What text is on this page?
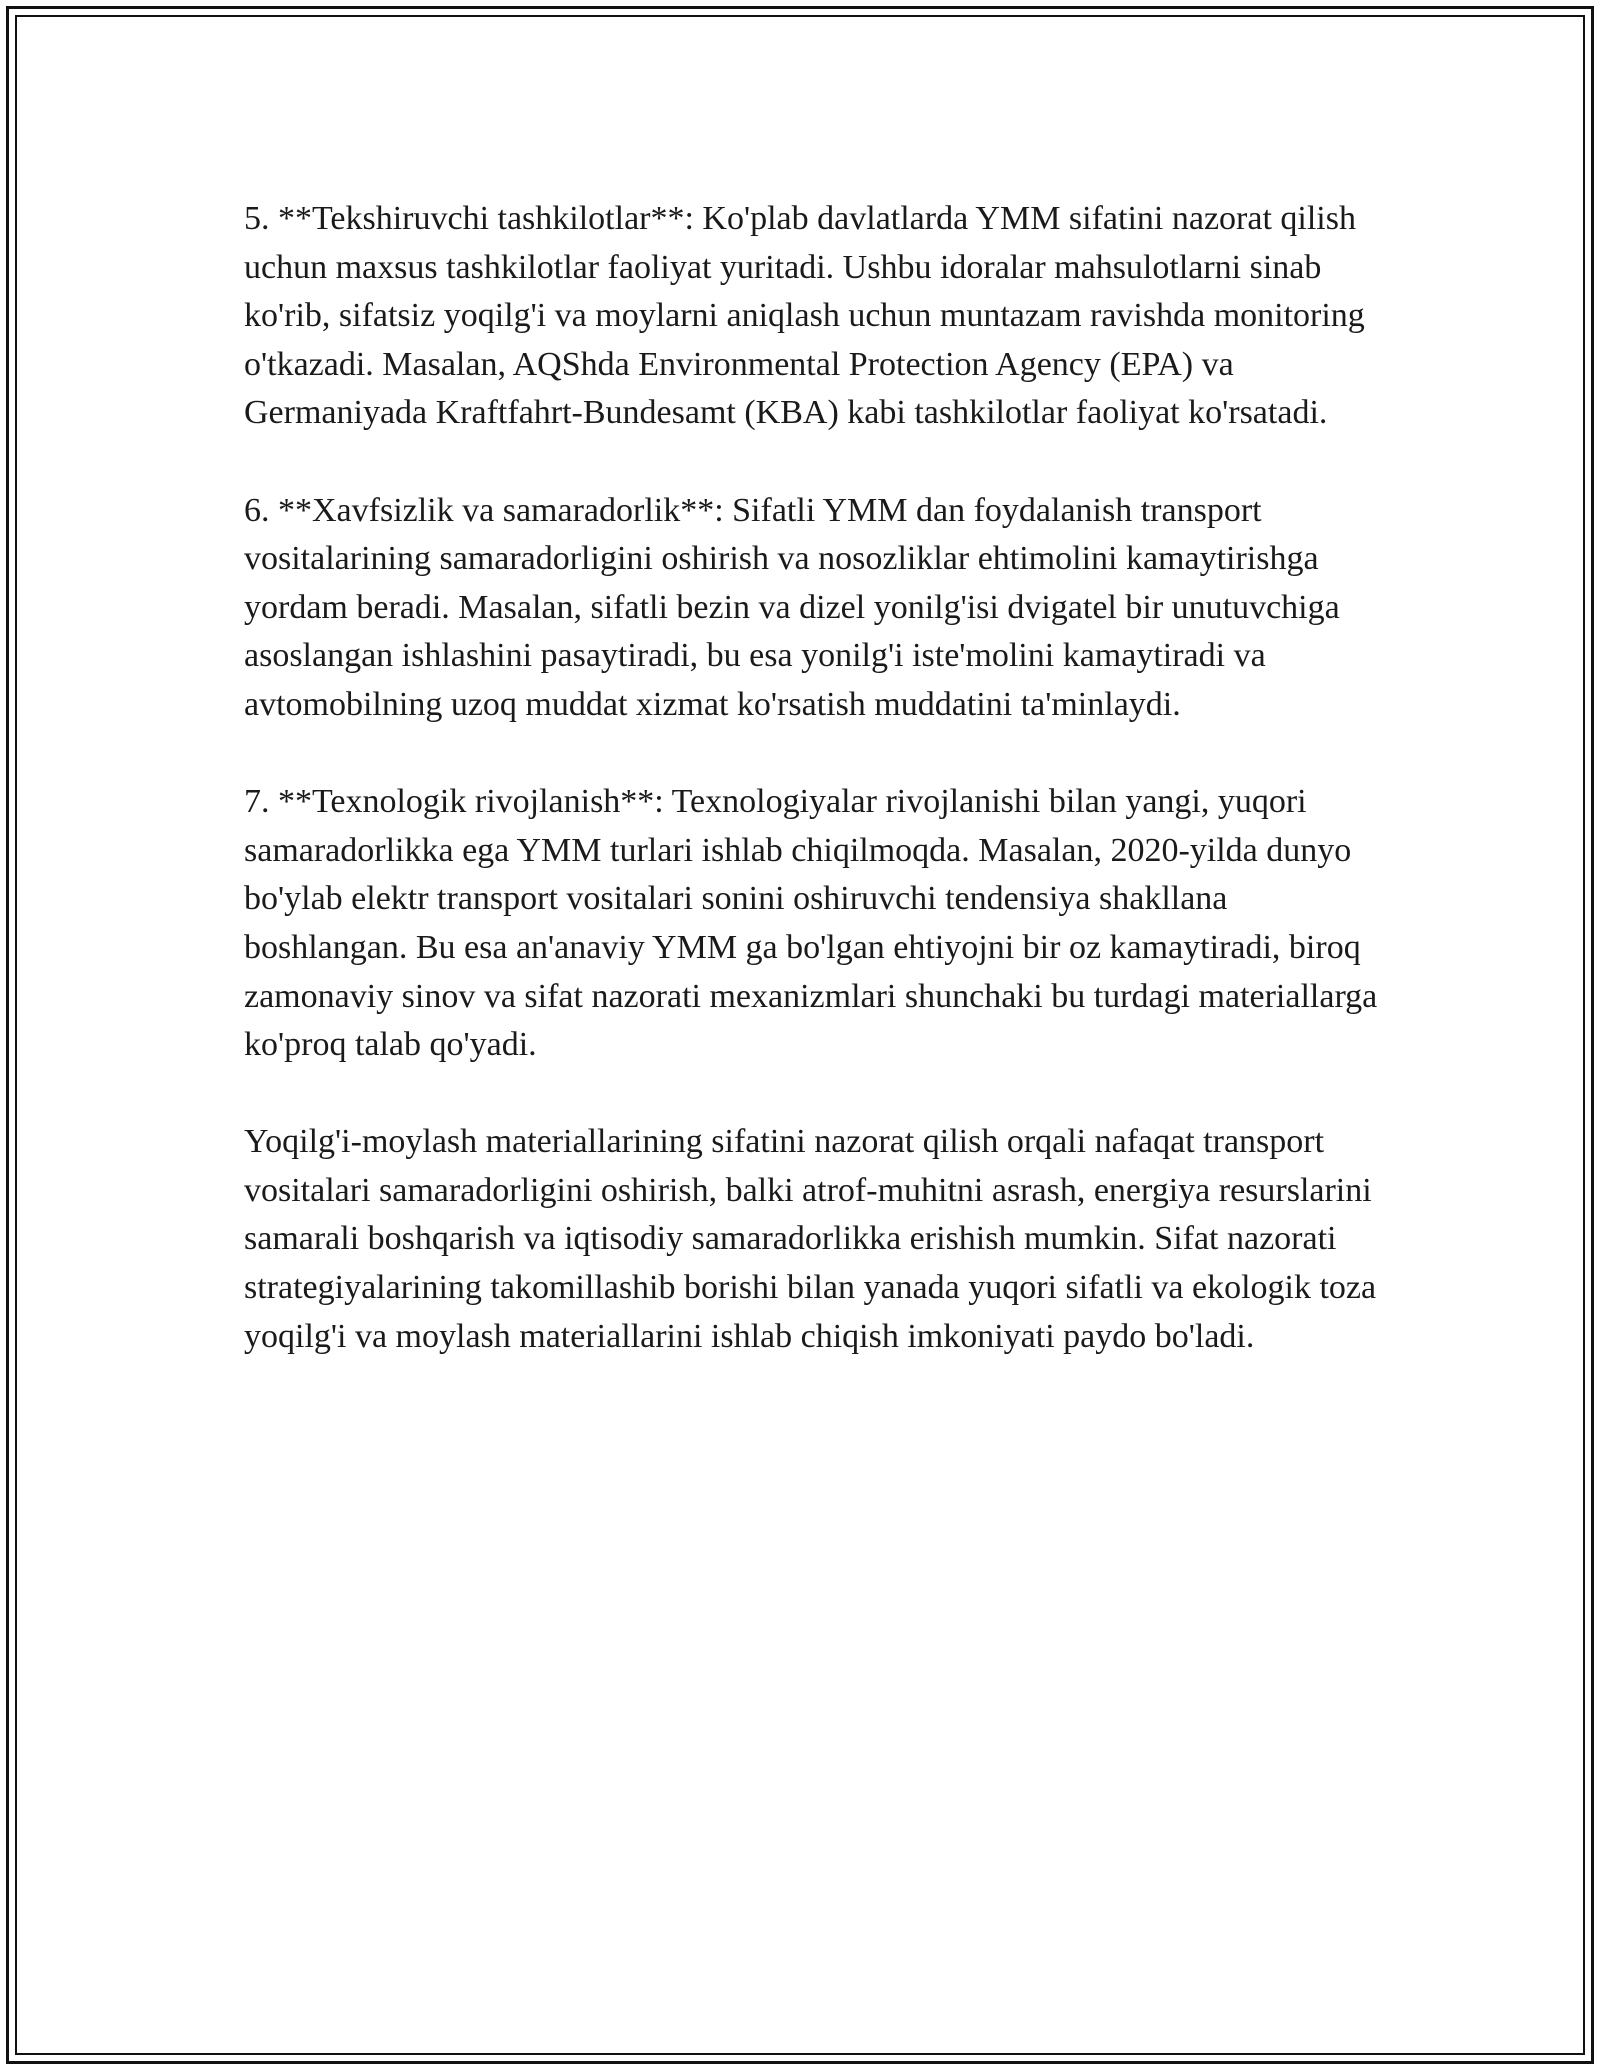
5. **Tekshiruvchi tashkilotlar**: Ko'plab davlatlarda YMM sifatini nazorat qilish uchun maxsus tashkilotlar faoliyat yuritadi. Ushbu idoralar mahsulotlarni sinab ko'rib, sifatsiz yoqilg'i va moylarni aniqlash uchun muntazam ravishda monitoring o'tkazadi. Masalan, AQShda Environmental Protection Agency (EPA) va Germaniyada Kraftfahrt-Bundesamt (KBA) kabi tashkilotlar faoliyat ko'rsatadi.

6. **Xavfsizlik va samaradorlik**: Sifatli YMM dan foydalanish transport vositalarining samaradorligini oshirish va nosozliklar ehtimolini kamaytirishga yordam beradi. Masalan, sifatli bezin va dizel yonilg'isi dvigatel bir unutuvchiga asoslangan ishlashini pasaytiradi, bu esa yonilg'i iste'molini kamaytiradi va avtomobilning uzoq muddat xizmat ko'rsatish muddatini ta'minlaydi.

7. **Texnologik rivojlanish**: Texnologiyalar rivojlanishi bilan yangi, yuqori samaradorlikka ega YMM turlari ishlab chiqilmoqda. Masalan, 2020-yilda dunyo bo'ylab elektr transport vositalari sonini oshiruvchi tendensiya shakllana boshlangan. Bu esa an'anaviy YMM ga bo'lgan ehtiyojni bir oz kamaytiradi, biroq zamonaviy sinov va sifat nazorati mexanizmlari shunchaki bu turdagi materiallarga ko'proq talab qo'yadi.

Yoqilg'i-moylash materiallarining sifatini nazorat qilish orqali nafaqat transport vositalari samaradorligini oshirish, balki atrof-muhitni asrash, energiya resurslarini samarali boshqarish va iqtisodiy samaradorlikka erishish mumkin. Sifat nazorati strategiyalarining takomillashib borishi bilan yanada yuqori sifatli va ekologik toza yoqilg'i va moylash materiallarini ishlab chiqish imkoniyati paydo bo'ladi.
